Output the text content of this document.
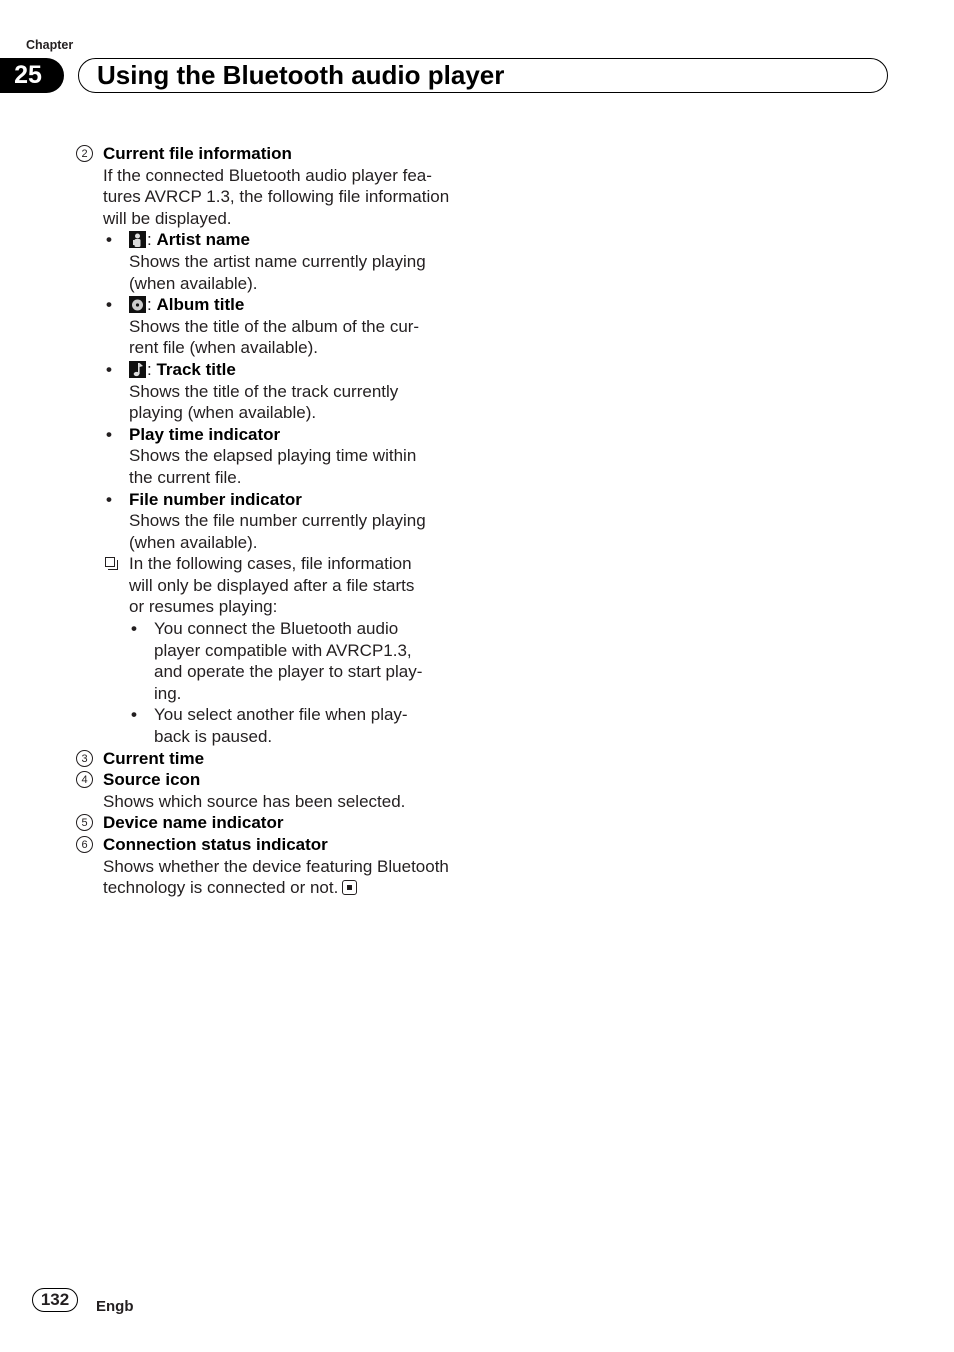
Chapter
25	Using the Bluetooth audio player
2 Current file information
If the connected Bluetooth audio player fea-
tures AVRCP 1.3, the following file information
will be displayed.
•	: Artist name
Shows the artist name currently playing
(when available).
•	: Album title
Shows the title of the album of the cur-
rent file (when available).
•	: Track title
Shows the title of the track currently
playing (when available).
• Play time indicator
Shows the elapsed playing time within
the current file.
• File number indicator
Shows the file number currently playing
(when available).
In the following cases, file information
will only be displayed after a file starts
or resumes playing:
• You connect the Bluetooth audio
player compatible with AVRCP1.3,
and operate the player to start play-
ing.
• You select another file when play-
back is paused.
3 Current time
4 Source icon
Shows which source has been selected.
5 Device name indicator
6 Connection status indicator
Shows whether the device featuring Bluetooth
technology is connected or not.
132	Engb
